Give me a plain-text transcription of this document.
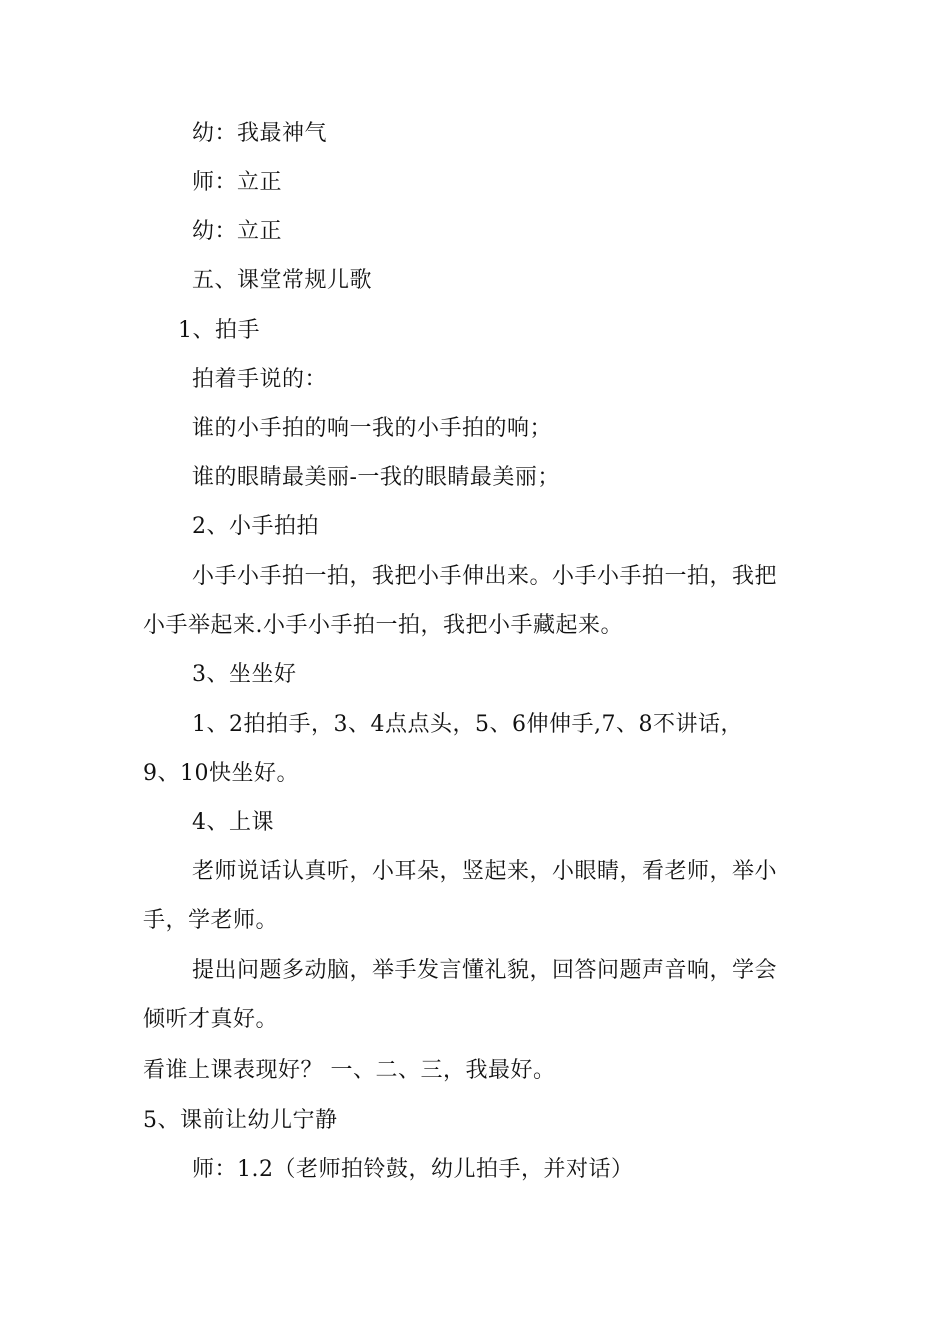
幼：我最神气
师：立正
幼：立正
五、课堂常规儿歌
1、拍手
拍着手说的：
谁的小手拍的响一我的小手拍的响；
谁的眼睛最美丽-一我的眼睛最美丽；
2、小手拍拍
小手小手拍一拍，我把小手伸出来。小手小手拍一拍，我把
小手举起来.小手小手拍一拍，我把小手藏起来。
3、坐坐好
1、2拍拍手，3、4点点头，5、6伸伸手,7、8不讲话，
9、10快坐好。
4、上课
老师说话认真听，小耳朵，竖起来，小眼睛，看老师，举小
手，学老师。
提出问题多动脑，举手发言懂礼貌，回答问题声音响，学会
倾听才真好。
看谁上课表现好？ 一、二、三，我最好。
5、课前让幼儿宁静
师：1.2（老师拍铃鼓，幼儿拍手，并对话）
